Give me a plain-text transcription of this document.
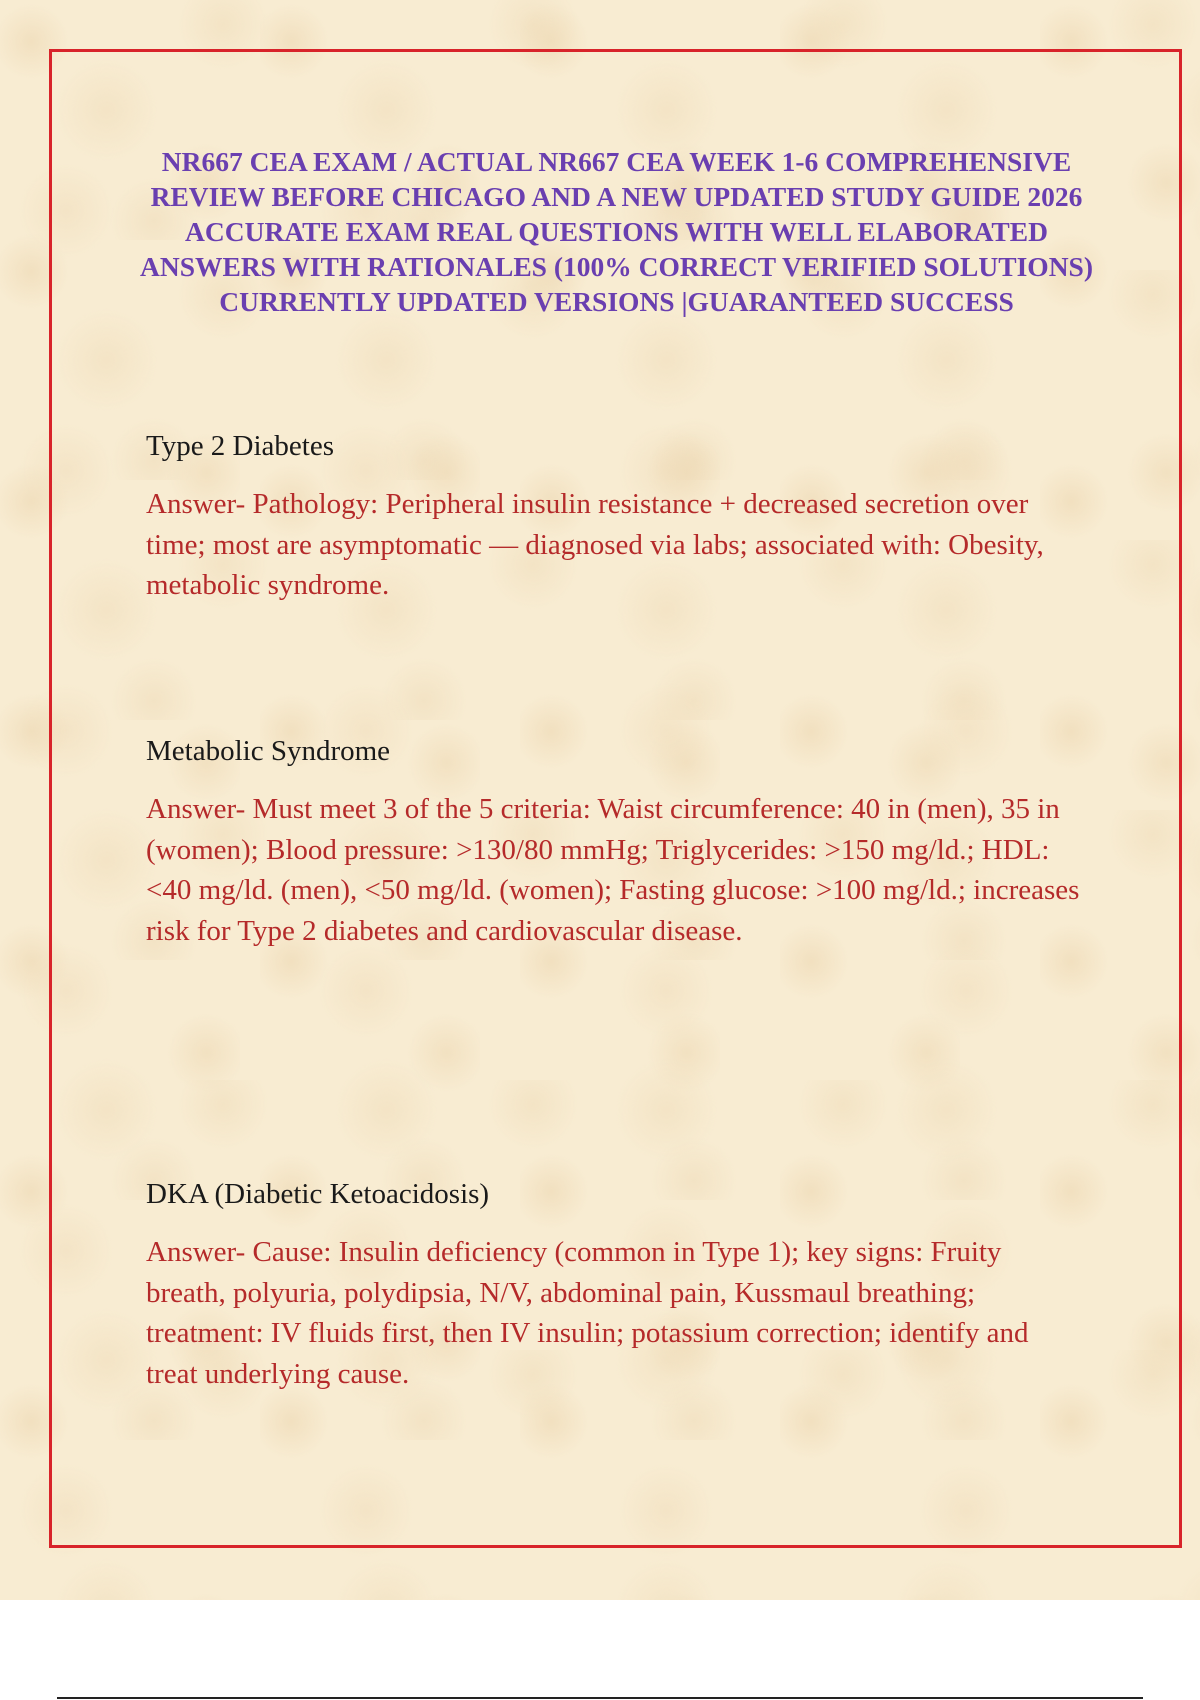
NR667 CEA EXAM / ACTUAL NR667 CEA WEEK 1-6 COMPREHENSIVE REVIEW BEFORE CHICAGO AND A NEW UPDATED STUDY GUIDE 2026 ACCURATE EXAM REAL QUESTIONS WITH WELL ELABORATED ANSWERS WITH RATIONALES (100% CORRECT VERIFIED SOLUTIONS) CURRENTLY UPDATED VERSIONS |GUARANTEED SUCCESS

Type 2 Diabetes

Answer- Pathology: Peripheral insulin resistance + decreased secretion over time; most are asymptomatic — diagnosed via labs; associated with: Obesity, metabolic syndrome.

Metabolic Syndrome

Answer- Must meet 3 of the 5 criteria: Waist circumference: 40 in (men), 35 in (women); Blood pressure: >130/80 mmHg; Triglycerides: >150 mg/ld.; HDL: <40 mg/ld. (men), <50 mg/ld. (women); Fasting glucose: >100 mg/ld.; increases risk for Type 2 diabetes and cardiovascular disease.

DKA (Diabetic Ketoacidosis)

Answer- Cause: Insulin deficiency (common in Type 1); key signs: Fruity breath, polyuria, polydipsia, N/V, abdominal pain, Kussmaul breathing; treatment: IV fluids first, then IV insulin; potassium correction; identify and treat underlying cause.
